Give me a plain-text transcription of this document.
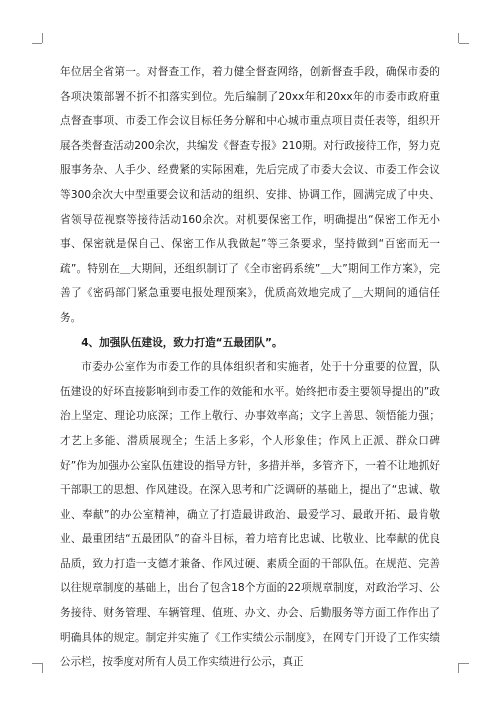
年位居全省第一。对督查工作，着力健全督查网络，创新督查手段，确保市委的各项决策部署不折不扣落实到位。先后编制了20xx年和20xx年的市委市政府重点督查事项、市委工作会议目标任务分解和中心城市重点项目责任表等，组织开展各类督查活动200余次，共编发《督查专报》210期。对行政接待工作，努力克服事务杂、人手少、经费紧的实际困难，先后完成了市委大会议、市委工作会议等300余次大中型重要会议和活动的组织、安排、协调工作，圆满完成了中央、省领导莅视察等接待活动160余次。对机要保密工作，明确提出“保密工作无小事、保密就是保自己、保密工作从我做起”等三条要求，坚持做到“百密而无一疏”。特别在＿大期间，还组织制订了《全市密码系统”＿大”期间工作方案》，完善了《密码部门紧急重要电报处理预案》，优质高效地完成了＿大期间的通信任务。

4、加强队伍建设，致力打造“五最团队”。

市委办公室作为市委工作的具体组织者和实施者，处于十分重要的位置，队伍建设的好坏直接影响到市委工作的效能和水平。始终把市委主要领导提出的”政治上坚定、理论功底深；工作上敬行、办事效率高；文字上善思、领悟能力强；才艺上多能、潜质展现全；生活上多彩，个人形象佳；作风上正派、群众口碑好”作为加强办公室队伍建设的指导方针，多措并举，多管齐下，一着不让地抓好干部职工的思想、作风建设。在深入思考和广泛调研的基础上，提出了“忠诚、敬业、奉献”的办公室精神，确立了打造最讲政治、最爱学习、最敢开拓、最肯敬业、最重团结“五最团队”的奋斗目标，着力培育比忠诚、比敬业、比奉献的优良品质，致力打造一支德才兼备、作风过硬、素质全面的干部队伍。在规范、完善以往规章制度的基础上，出台了包含18个方面的22项规章制度，对政治学习、公务接待、财务管理、车辆管理、值班、办文、办会、后勤服务等方面工作作出了明确具体的规定。制定并实施了《工作实绩公示制度》，在网专门开设了工作实绩公示栏，按季度对所有人员工作实绩进行公示，真正
